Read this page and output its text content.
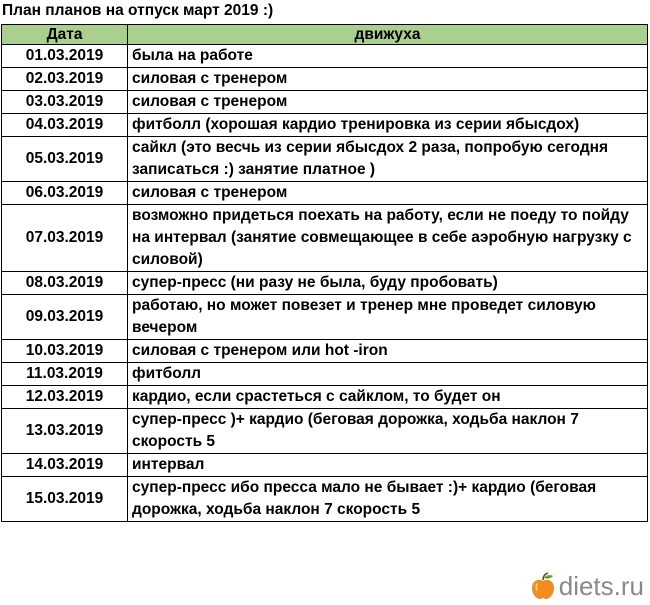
План планов на отпуск март 2019 :)
Дата	движуха
01.03.2019	была на работе
02.03.2019	силовая с тренером
03.03.2019	силовая с тренером
04.03.2019	фитболл (хорошая кардио тренировка из серии ябысдох)
05.03.2019	сайкл (это весчь из серии ябысдох 2 раза, попробую сегодня записаться :) занятие платное )
06.03.2019	силовая с тренером
07.03.2019	возможно придеться поехать на работу, если не поеду то пойду на интервал (занятие совмещающее в себе аэробную нагрузку с силовой)
08.03.2019	супер-пресс (ни разу не была, буду пробовать)
09.03.2019	работаю, но может повезет и тренер мне проведет силовую вечером
10.03.2019	силовая с тренером или hot -iron
11.03.2019	фитболл
12.03.2019	кардио, если срастеться с сайклом, то будет он
13.03.2019	супер-пресс )+ кардио (беговая дорожка, ходьба наклон 7 скорость 5
14.03.2019	интервал
15.03.2019	супер-пресс ибо пресса мало не бывает :)+ кардио (беговая дорожка, ходьба наклон 7 скорость 5
diets.ru
